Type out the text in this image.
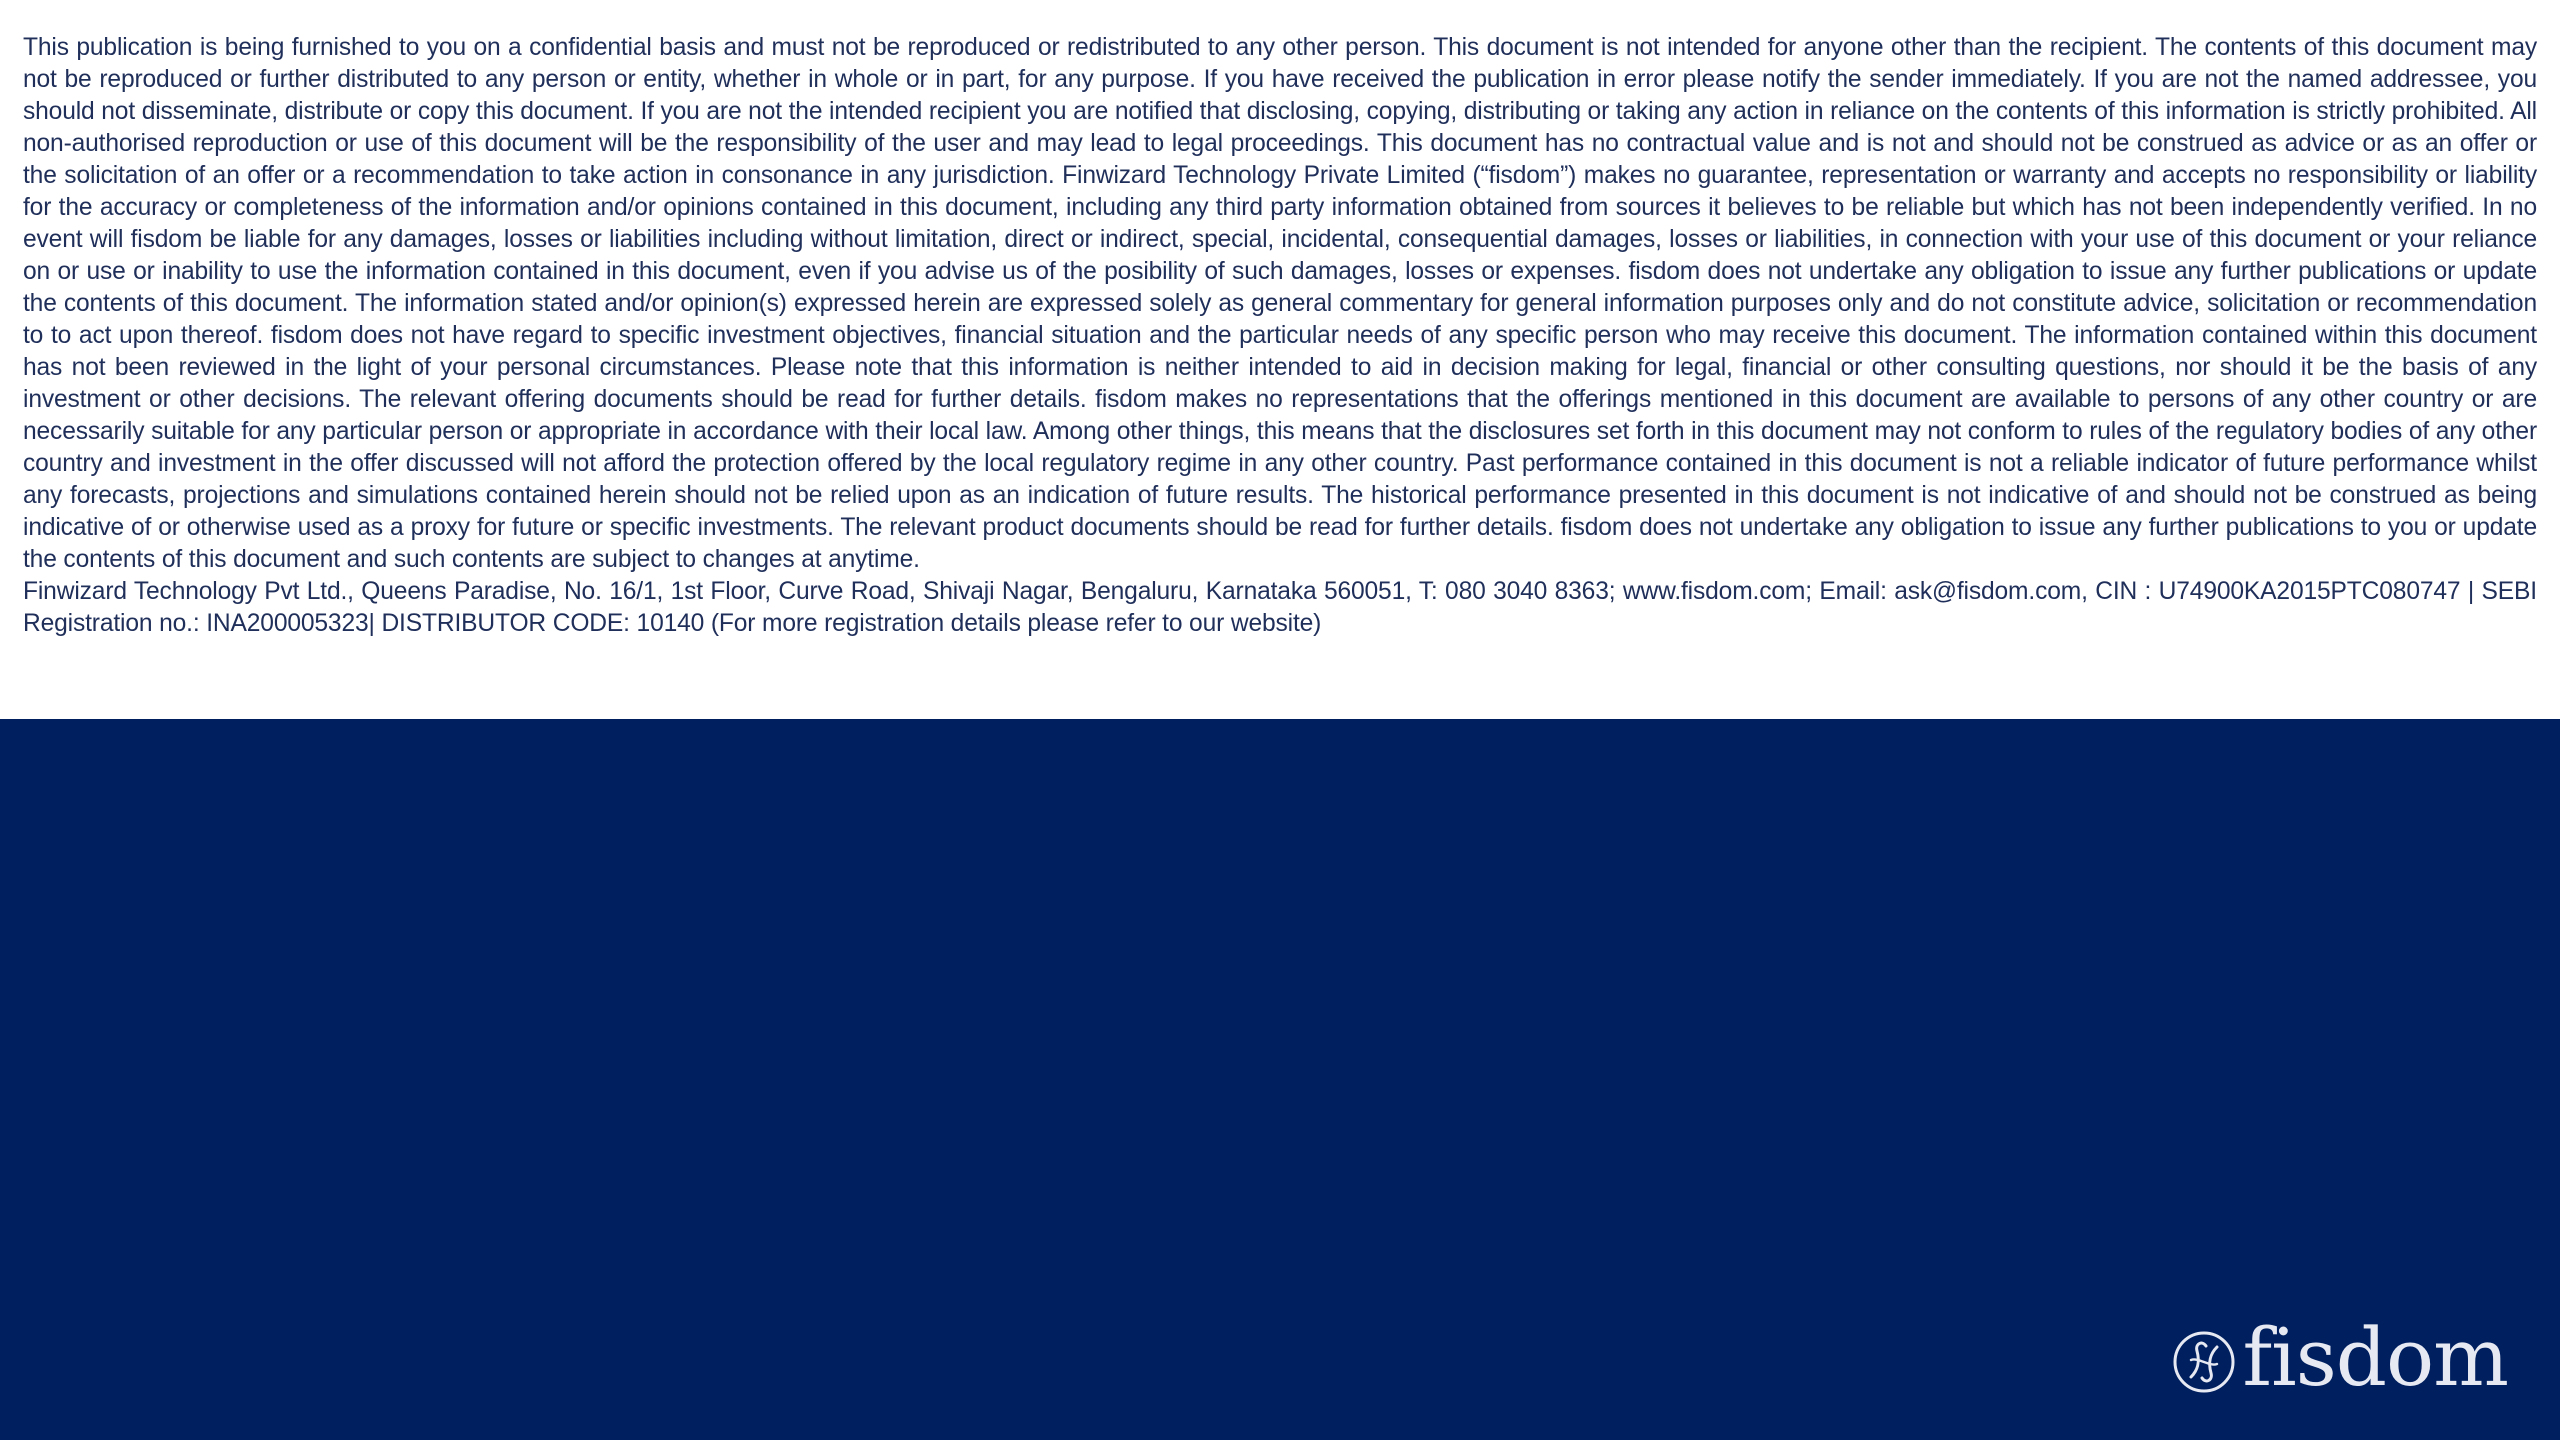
This publication is being furnished to you on a confidential basis and must not be reproduced or redistributed to any other person. This document is not intended for anyone other than the recipient. The contents of this document may not be reproduced or further distributed to any person or entity, whether in whole or in part, for any purpose. If you have received the publication in error please notify the sender immediately. If you are not the named addressee, you should not disseminate, distribute or copy this document. If you are not the intended recipient you are notified that disclosing, copying, distributing or taking any action in reliance on the contents of this information is strictly prohibited. All non-authorised reproduction or use of this document will be the responsibility of the user and may lead to legal proceedings. This document has no contractual value and is not and should not be construed as advice or as an offer or the solicitation of an offer or a recommendation to take action in consonance in any jurisdiction. Finwizard Technology Private Limited (“fisdom”) makes no guarantee, representation or warranty and accepts no responsibility or liability for the accuracy or completeness of the information and/or opinions contained in this document, including any third party information obtained from sources it believes to be reliable but which has not been independently verified. In no event will fisdom be liable for any damages, losses or liabilities including without limitation, direct or indirect, special, incidental, consequential damages, losses or liabilities, in connection with your use of this document or your reliance on or use or inability to use the information contained in this document, even if you advise us of the posibility of such damages, losses or expenses. fisdom does not undertake any obligation to issue any further publications or update the contents of this document. The information stated and/or opinion(s) expressed herein are expressed solely as general commentary for general information purposes only and do not constitute advice, solicitation or recommendation to to act upon thereof. fisdom does not have regard to specific investment objectives, financial situation and the particular needs of any specific person who may receive this document. The information contained within this document has not been reviewed in the light of your personal circumstances. Please note that this information is neither intended to aid in decision making for legal, financial or other consulting questions, nor should it be the basis of any investment or other decisions. The relevant offering documents should be read for further details. fisdom makes no representations that the offerings mentioned in this document are available to persons of any other country or are necessarily suitable for any particular person or appropriate in accordance with their local law. Among other things, this means that the disclosures set forth in this document may not conform to rules of the regulatory bodies of any other country and investment in the offer discussed will not afford the protection offered by the local regulatory regime in any other country. Past performance contained in this document is not a reliable indicator of future performance whilst any forecasts, projections and simulations contained herein should not be relied upon as an indication of future results. The historical performance presented in this document is not indicative of and should not be construed as being indicative of or otherwise used as a proxy for future or specific investments. The relevant product documents should be read for further details. fisdom does not undertake any obligation to issue any further publications to you or update the contents of this document and such contents are subject to changes at anytime.

Finwizard Technology Pvt Ltd., Queens Paradise, No. 16/1, 1st Floor, Curve Road, Shivaji Nagar, Bengaluru, Karnataka 560051, T: 080 3040 8363; www.fisdom.com; Email: ask@fisdom.com, CIN : U74900KA2015PTC080747 | SEBI Registration no.: INA200005323| DISTRIBUTOR CODE: 10140 (For more registration details please refer to our website)

fisdom
